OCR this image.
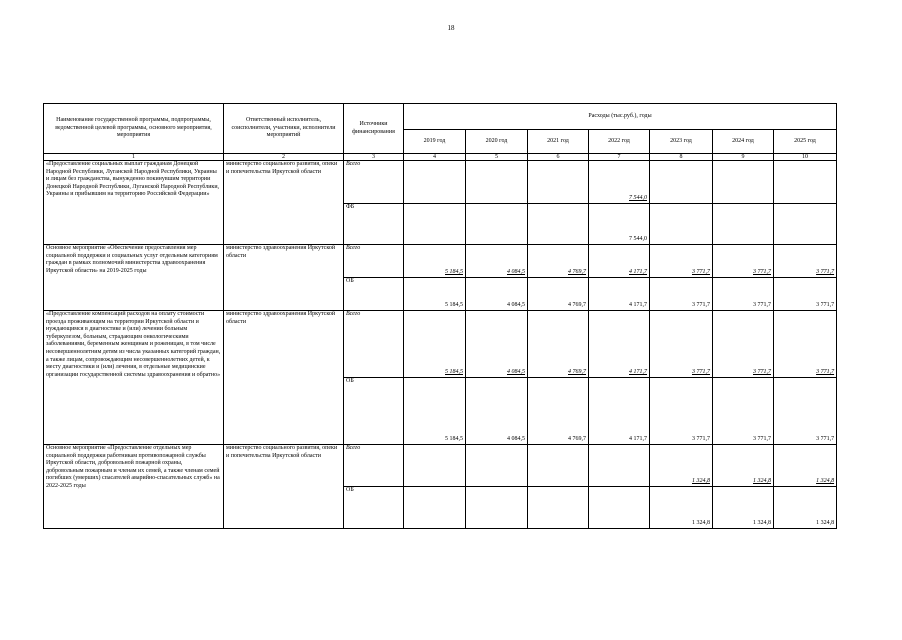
18
Наименование государственной программы, подпрограммы, ведомственной целевой программы, основного мероприятия, мероприятия	Ответственный исполнитель, соисполнители, участники, исполнители мероприятий	Источники финансирования	Расходы (тыс.руб.), годы						
			2019 год	2020 год	2021 год	2022 год	2023 год	2024 год	2025 год
1	2	3	4	5	6	7	8	9	10
«Предоставление социальных выплат гражданам Донецкой Народной Республики, Луганской Народной Республики, Украины и лицам без гражданства, вынужденно покинувшим территории Донецкой Народной Республики, Луганской Народной Республики, Украины и прибывшим на территорию Российской Федерации»	министерство социального развития, опеки и попечительства Иркутской области	Всего				7 544,0			
		ФБ				7 544,0			
Основное мероприятие «Обеспечение предоставления мер социальной поддержки и социальных услуг отдельным категориям граждан в рамках полномочий министерства здравоохранения Иркутской области» на 2019-2025 годы	министерство здравоохранения Иркутской области	Всего	5 184,5	4 084,5	4 769,7	4 171,7	3 771,7	3 771,7	3 771,7
		ОБ	5 184,5	4 084,5	4 769,7	4 171,7	3 771,7	3 771,7	3 771,7
«Предоставление компенсаций расходов на оплату стоимости проезда проживающим на территории Иркутской области и нуждающимся в диагностике и (или) лечении больным туберкулезом, больным, страдающим онкологическими заболеваниями, беременным женщинам и роженицам, в том числе несовершеннолетним детям из числа указанных категорий граждан, а также лицам, сопровождающим несовершеннолетних детей, к месту диагностики и (или) лечения, в отдельные медицинские организации государственной системы здравоохранения и обратно»	министерство здравоохранения Иркутской области	Всего	5 184,5	4 084,5	4 769,7	4 171,7	3 771,7	3 771,7	3 771,7
		ОБ	5 184,5	4 084,5	4 769,7	4 171,7	3 771,7	3 771,7	3 771,7
Основное мероприятие «Предоставление отдельных мер социальной поддержки работникам противопожарной службы Иркутской области, добровольной пожарной охраны, добровольным пожарным и членам их семей, а также членам семей погибших (умерших) спасателей аварийно-спасательных служб» на 2022-2025 годы	министерство социального развития, опеки и попечительства Иркутской области	Всего					1 324,8	1 324,8	1 324,8
		ОБ					1 324,8	1 324,8	1 324,8
